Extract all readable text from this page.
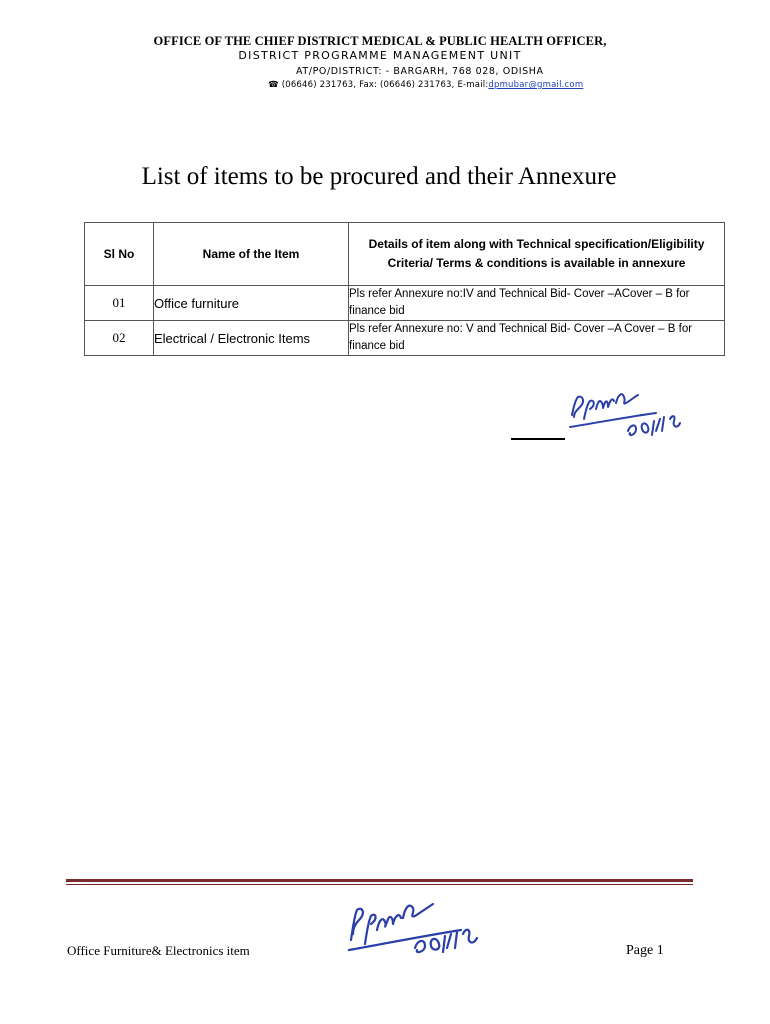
OFFICE OF THE CHIEF DISTRICT MEDICAL & PUBLIC HEALTH OFFICER,
DISTRICT PROGRAMME MANAGEMENT UNIT
AT/PO/DISTRICT: - BARGARH, 768 028, ODISHA
☎ (06646) 231763, Fax: (06646) 231763, E-mail:dpmubar@gmail.com
List of items to be procured and their Annexure
Sl No	Name of the Item	Details of item along with Technical specification/Eligibility Criteria/ Terms & conditions is available in annexure
01	Office furniture	Pls refer Annexure no:IV and Technical Bid- Cover –ACover – B for finance bid
02	Electrical / Electronic Items	Pls refer Annexure no: V and Technical Bid- Cover –A Cover – B for finance bid
Office Furniture& Electronics item	Page 1
